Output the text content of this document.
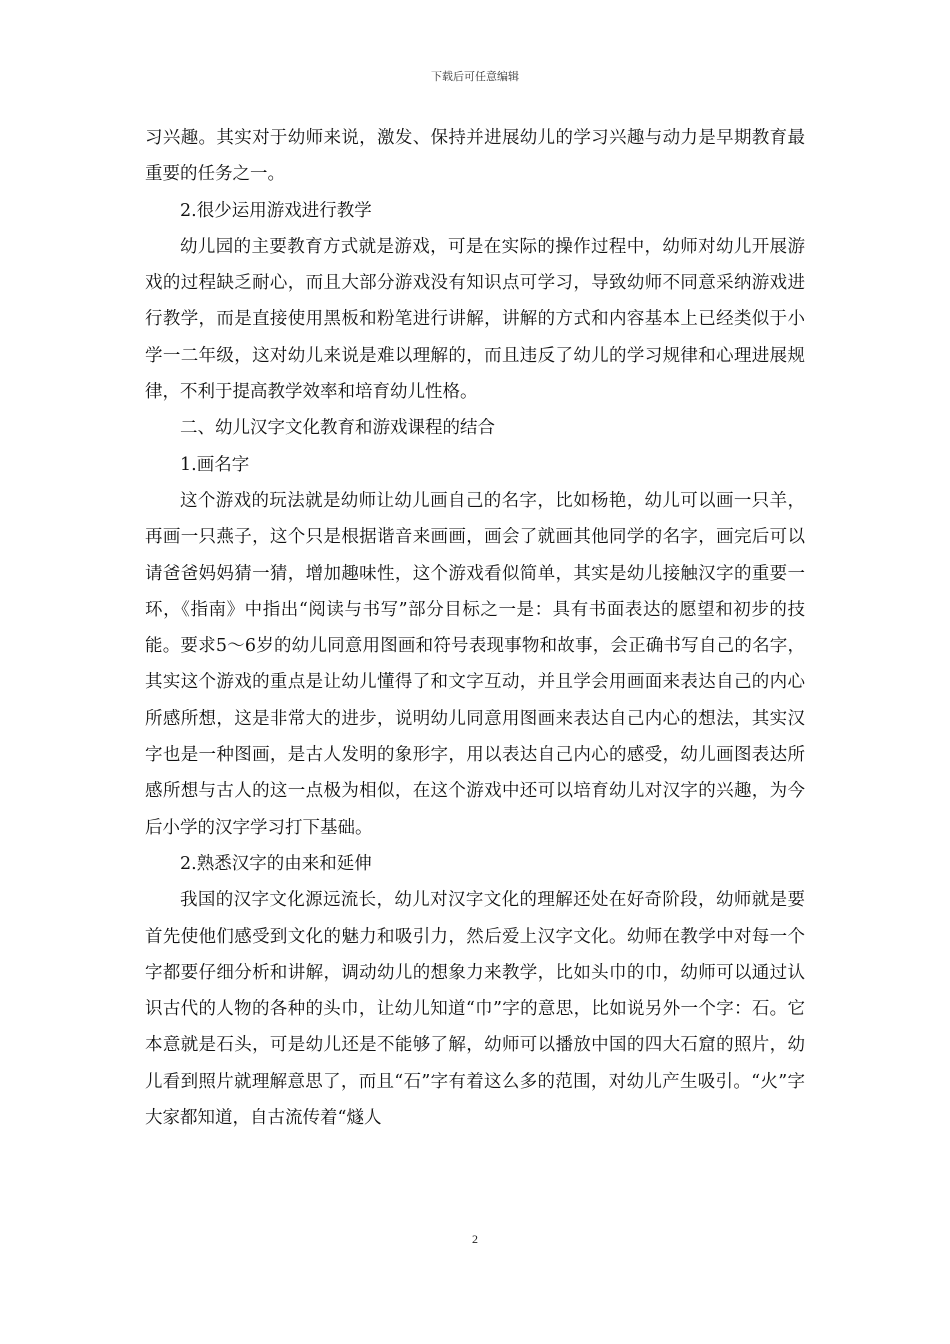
下载后可任意编辑

习兴趣。其实对于幼师来说，激发、保持并进展幼儿的学习兴趣与动力是早期教育最重要的任务之一。

2.很少运用游戏进行教学

幼儿园的主要教育方式就是游戏，可是在实际的操作过程中，幼师对幼儿开展游戏的过程缺乏耐心，而且大部分游戏没有知识点可学习，导致幼师不同意采纳游戏进行教学，而是直接使用黑板和粉笔进行讲解，讲解的方式和内容基本上已经类似于小学一二年级，这对幼儿来说是难以理解的，而且违反了幼儿的学习规律和心理进展规律，不利于提高教学效率和培育幼儿性格。

二、幼儿汉字文化教育和游戏课程的结合

1.画名字

这个游戏的玩法就是幼师让幼儿画自己的名字，比如杨艳，幼儿可以画一只羊，再画一只燕子，这个只是根据谐音来画画，画会了就画其他同学的名字，画完后可以请爸爸妈妈猜一猜，增加趣味性，这个游戏看似简单，其实是幼儿接触汉字的重要一环，《指南》中指出“阅读与书写”部分目标之一是：具有书面表达的愿望和初步的技能。要求5～6岁的幼儿同意用图画和符号表现事物和故事，会正确书写自己的名字，其实这个游戏的重点是让幼儿懂得了和文字互动，并且学会用画面来表达自己的内心所感所想，这是非常大的进步，说明幼儿同意用图画来表达自己内心的想法，其实汉字也是一种图画，是古人发明的象形字，用以表达自己内心的感受，幼儿画图表达所感所想与古人的这一点极为相似，在这个游戏中还可以培育幼儿对汉字的兴趣，为今后小学的汉字学习打下基础。

2.熟悉汉字的由来和延伸

我国的汉字文化源远流长，幼儿对汉字文化的理解还处在好奇阶段，幼师就是要首先使他们感受到文化的魅力和吸引力，然后爱上汉字文化。幼师在教学中对每一个字都要仔细分析和讲解，调动幼儿的想象力来教学，比如头巾的巾，幼师可以通过认识古代的人物的各种的头巾，让幼儿知道“巾”字的意思，比如说另外一个字：石。它本意就是石头，可是幼儿还是不能够了解，幼师可以播放中国的四大石窟的照片，幼儿看到照片就理解意思了，而且“石”字有着这么多的范围，对幼儿产生吸引。“火”字大家都知道，自古流传着“燧人

2
